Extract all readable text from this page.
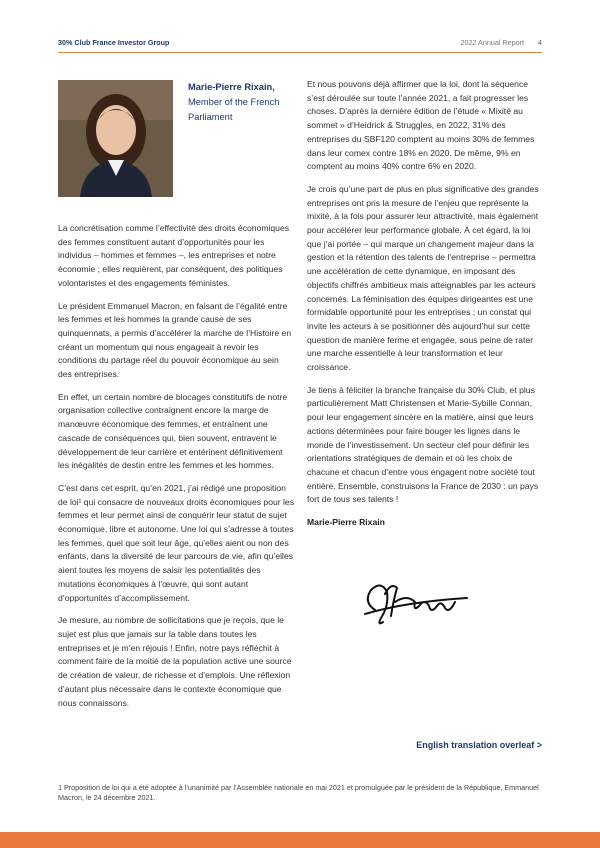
30% Club France Investor Group	2022 Annual Report 4
Marie-Pierre Rixain, Member of the French Parliament

La concrétisation comme l’effectivité des droits économiques des femmes constituent autant d’opportunités pour les individus – hommes et femmes –, les entreprises et notre économie ; elles requièrent, par conséquent, des politiques volontaristes et des engagements féministes.

Le président Emmanuel Macron, en faisant de l’égalité entre les femmes et les hommes la grande cause de ses quinquennats, a permis d’accélérer la marche de l’Histoire en créant un momentum qui nous engageait à revoir les conditions du partage réel du pouvoir économique au sein des entreprises.

En effet, un certain nombre de blocages constitutifs de notre organisation collective contraignent encore la marge de manœuvre économique des femmes, et entraînent une cascade de conséquences qui, bien souvent, entravent le développement de leur carrière et entérinent définitivement les inégalités de destin entre les femmes et les hommes.

C’est dans cet esprit, qu’en 2021, j’ai rédigé une proposition de loi¹ qui consacre de nouveaux droits économiques pour les femmes et leur permet ainsi de conquérir leur statut de sujet économique, libre et autonome. Une loi qui s’adresse à toutes les femmes, quel que soit leur âge, qu’elles aient ou non des enfants, dans la diversité de leur parcours de vie, afin qu’elles aient toutes les moyens de saisir les potentialités des mutations économiques à l’œuvre, qui sont autant d’opportunités d’accomplissement.

Je mesure, au nombre de sollicitations que je reçois, que le sujet est plus que jamais sur la table dans toutes les entreprises et je m’en réjouis ! Enfin, notre pays réfléchit à comment faire de la moitié de la population active une source de création de valeur, de richesse et d’emplois. Une réflexion d’autant plus nécessaire dans le contexte économique que nous connaissons.

Et nous pouvons déjà affirmer que la loi, dont la séquence s’est déroulée sur toute l’année 2021, a fait progresser les choses. D’après la dernière édition de l’étude « Mixité au sommet » d’Heidrick & Struggles, en 2022, 31% des entreprises du SBF120 comptent au moins 30% de femmes dans leur comex contre 18% en 2020. De même, 9% en comptent au moins 40% contre 6% en 2020.

Je crois qu’une part de plus en plus significative des grandes entreprises ont pris la mesure de l’enjeu que représente la mixité, à la fois pour assurer leur attractivité, mais également pour accélérer leur performance globale. À cet égard, la loi que j’ai portée – qui marque un changement majeur dans la gestion et la rétention des talents de l’entreprise – permettra une accélération de cette dynamique, en imposant des objectifs chiffrés ambitieux mais atteignables par les acteurs concernés. La féminisation des équipes dirigeantes est une formidable opportunité pour les entreprises ; un constat qui invite les acteurs à se positionner dès aujourd’hui sur cette question de manière ferme et engagée, sous peine de rater une marche essentielle à leur transformation et leur croissance.

Je tiens à féliciter la branche française du 30% Club, et plus particulièrement Matt Christensen et Marie-Sybille Connan, pour leur engagement sincère en la matière, ainsi que leurs actions déterminées pour faire bouger les lignes dans le monde de l’investissement. Un secteur clef pour définir les orientations stratégiques de demain et où les choix de chacune et chacun d’entre vous engagent notre société tout entière. Ensemble, construisons la France de 2030 : un pays fort de tous ses talents !

Marie-Pierre Rixain

English translation overleaf >
1 Proposition de loi qui a été adoptée à l’unanimité par l’Assemblée nationale en mai 2021 et promulguée par le président de la République, Emmanuel Macron, le 24 décembre 2021.
